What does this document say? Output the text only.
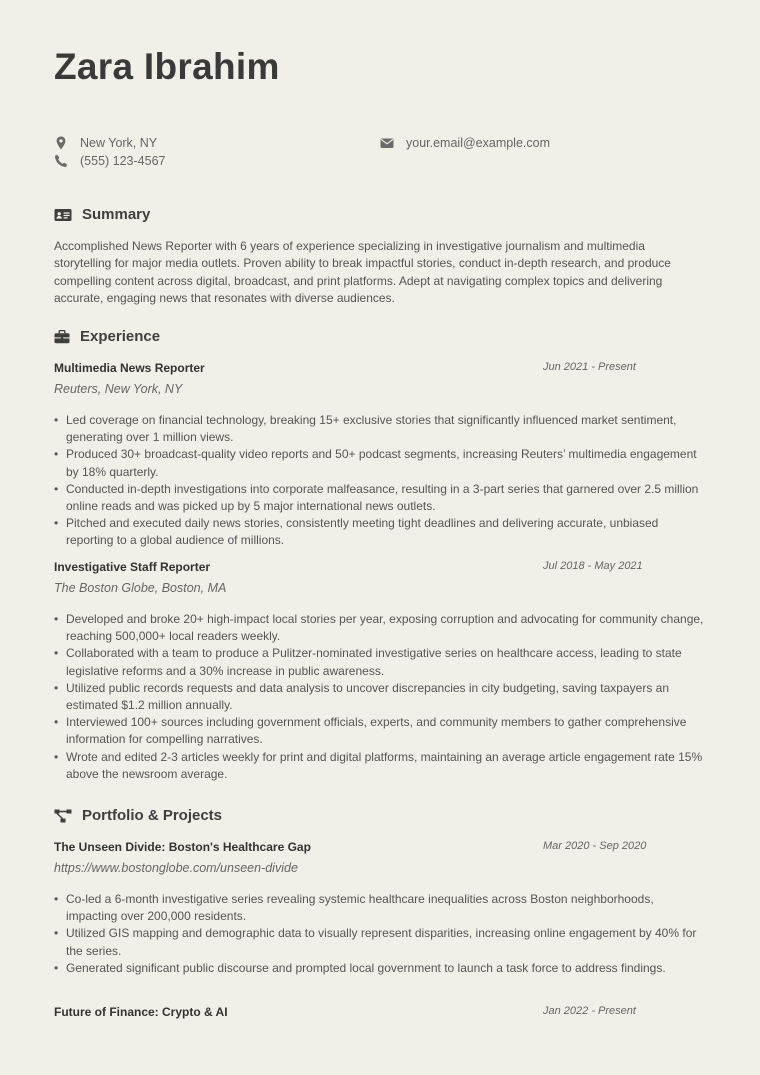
Zara Ibrahim
New York, NY	your.email@example.com
(555) 123-4567
Summary

Accomplished News Reporter with 6 years of experience specializing in investigative journalism and multimedia storytelling for major media outlets. Proven ability to break impactful stories, conduct in-depth research, and produce compelling content across digital, broadcast, and print platforms. Adept at navigating complex topics and delivering accurate, engaging news that resonates with diverse audiences.

Experience
Multimedia News Reporter	Jun 2021 - Present
Reuters, New York, NY
• Led coverage on financial technology, breaking 15+ exclusive stories that significantly influenced market sentiment, generating over 1 million views.
• Produced 30+ broadcast-quality video reports and 50+ podcast segments, increasing Reuters’ multimedia engagement by 18% quarterly.
• Conducted in-depth investigations into corporate malfeasance, resulting in a 3-part series that garnered over 2.5 million online reads and was picked up by 5 major international news outlets.
• Pitched and executed daily news stories, consistently meeting tight deadlines and delivering accurate, unbiased reporting to a global audience of millions.
Investigative Staff Reporter	Jul 2018 - May 2021
The Boston Globe, Boston, MA
• Developed and broke 20+ high-impact local stories per year, exposing corruption and advocating for community change, reaching 500,000+ local readers weekly.
• Collaborated with a team to produce a Pulitzer-nominated investigative series on healthcare access, leading to state legislative reforms and a 30% increase in public awareness.
• Utilized public records requests and data analysis to uncover discrepancies in city budgeting, saving taxpayers an estimated $1.2 million annually.
• Interviewed 100+ sources including government officials, experts, and community members to gather comprehensive information for compelling narratives.
• Wrote and edited 2-3 articles weekly for print and digital platforms, maintaining an average article engagement rate 15% above the newsroom average.
Portfolio & Projects
The Unseen Divide: Boston's Healthcare Gap	Mar 2020 - Sep 2020
https://www.bostonglobe.com/unseen-divide
• Co-led a 6-month investigative series revealing systemic healthcare inequalities across Boston neighborhoods, impacting over 200,000 residents.
• Utilized GIS mapping and demographic data to visually represent disparities, increasing online engagement by 40% for the series.
• Generated significant public discourse and prompted local government to launch a task force to address findings.
Future of Finance: Crypto & AI	Jan 2022 - Present
